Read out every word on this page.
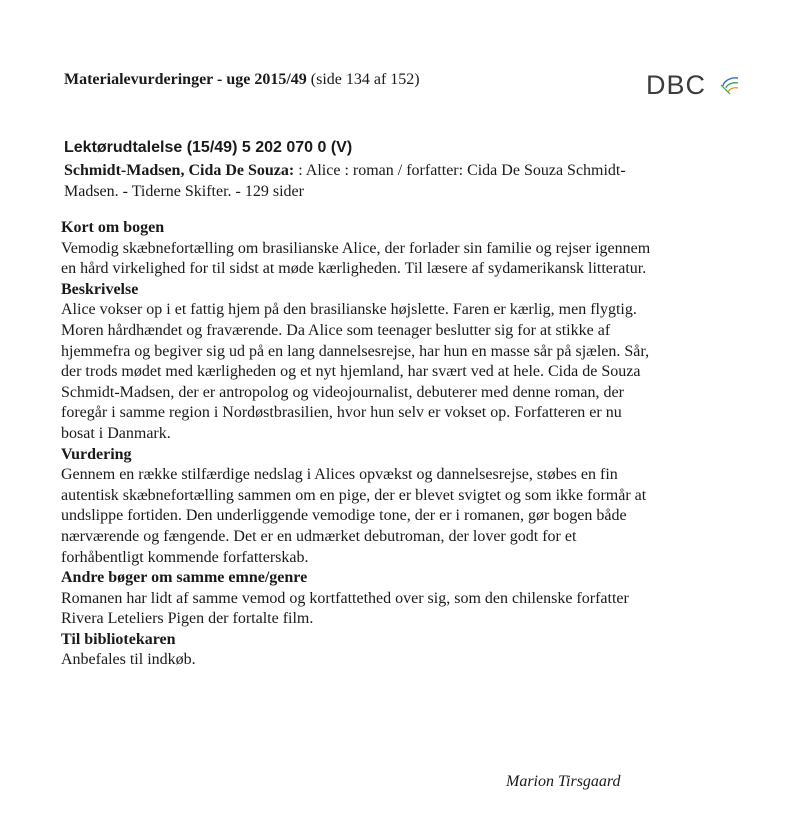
Materialevurderinger - uge 2015/49 (side 134 af 152)	DBC
Lektørudtalelse (15/49) 5 202 070 0 (V)
Schmidt-Madsen, Cida De Souza: : Alice : roman / forfatter: Cida De Souza Schmidt-Madsen. - Tiderne Skifter. - 129 sider

Kort om bogen

Vemodig skæbnefortælling om brasilianske Alice, der forlader sin familie og rejser igennem en hård virkelighed for til sidst at møde kærligheden. Til læsere af sydamerikansk litteratur.

Beskrivelse

Alice vokser op i et fattig hjem på den brasilianske højslette. Faren er kærlig, men flygtig. Moren hårdhændet og fraværende. Da Alice som teenager beslutter sig for at stikke af hjemmefra og begiver sig ud på en lang dannelsesrejse, har hun en masse sår på sjælen. Sår, der trods mødet med kærligheden og et nyt hjemland, har svært ved at hele. Cida de Souza Schmidt-Madsen, der er antropolog og videojournalist, debuterer med denne roman, der foregår i samme region i Nordøstbrasilien, hvor hun selv er vokset op. Forfatteren er nu bosat i Danmark.

Vurdering

Gennem en række stilfærdige nedslag i Alices opvækst og dannelsesrejse, støbes en fin autentisk skæbnefortælling sammen om en pige, der er blevet svigtet og som ikke formår at undslippe fortiden. Den underliggende vemodige tone, der er i romanen, gør bogen både nærværende og fængende. Det er en udmærket debutroman, der lover godt for et forhåbentligt kommende forfatterskab.

Andre bøger om samme emne/genre

Romanen har lidt af samme vemod og kortfattethed over sig, som den chilenske forfatter Rivera Leteliers Pigen der fortalte film.

Til bibliotekaren

Anbefales til indkøb.

Marion Tirsgaard
